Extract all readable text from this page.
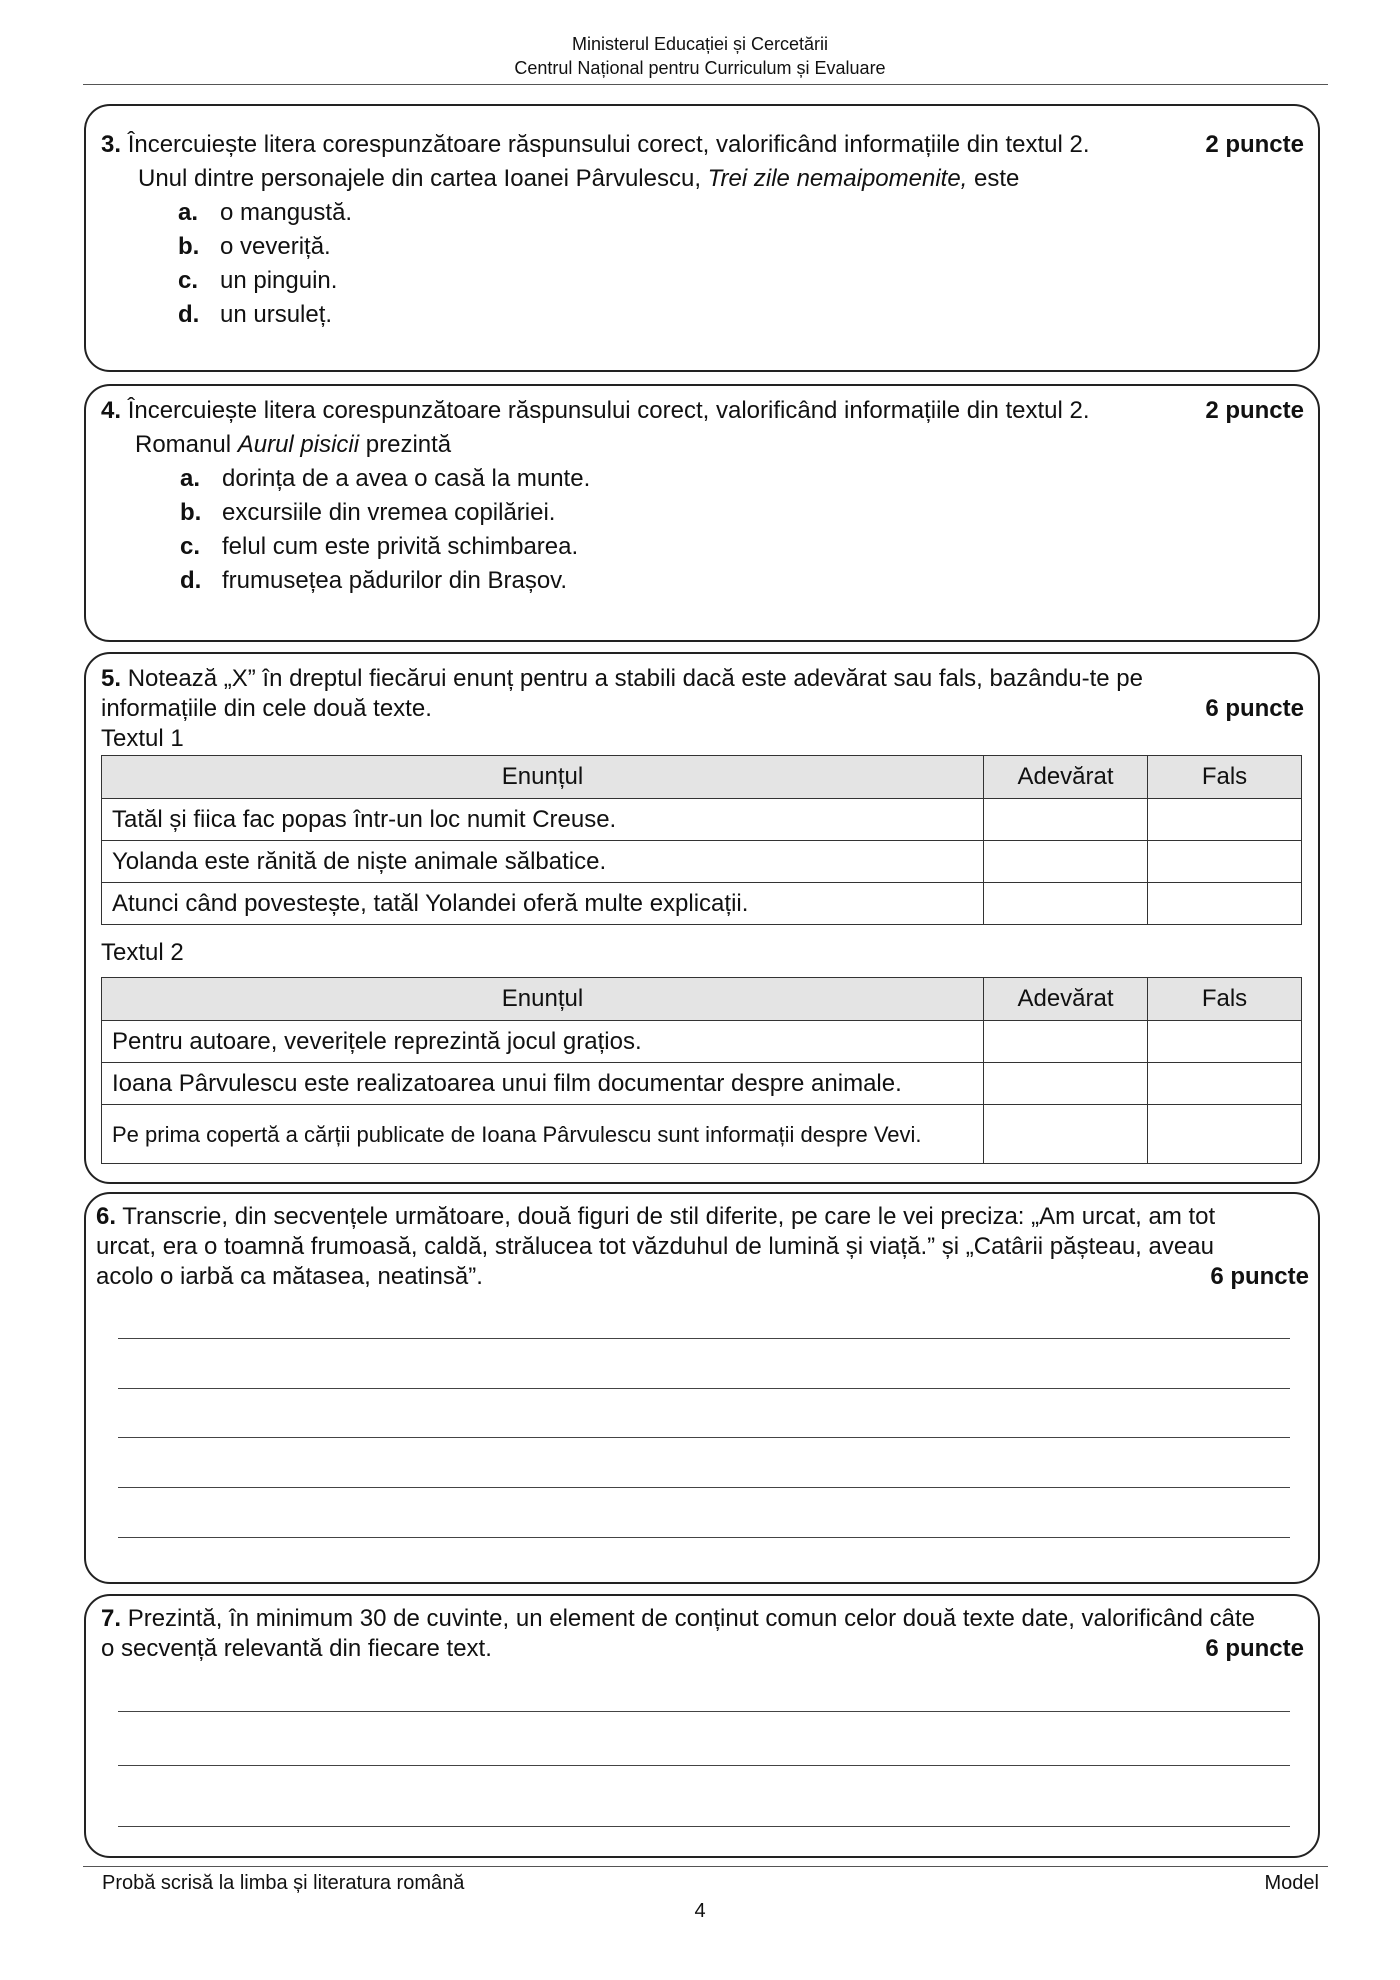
Ministerul Educației și Cercetării
Centrul Național pentru Curriculum și Evaluare
3. Încercuiește litera corespunzătoare răspunsului corect, valorificând informațiile din textul 2.	2 puncte
Unul dintre personajele din cartea Ioanei Pârvulescu, Trei zile nemaipomenite, este
a. o mangustă.
b. o veveriță.
c. un pinguin.
d. un ursuleț.
4. Încercuiește litera corespunzătoare răspunsului corect, valorificând informațiile din textul 2.	2 puncte
Romanul Aurul pisicii prezintă
a. dorința de a avea o casă la munte.
b. excursiile din vremea copilăriei.
c. felul cum este privită schimbarea.
d. frumusețea pădurilor din Brașov.
5. Notează „X” în dreptul fiecărui enunț pentru a stabili dacă este adevărat sau fals, bazându-te pe
informațiile din cele două texte.	6 puncte
Textul 1
Enunțul	Adevărat	Fals
Tatăl și fiica fac popas într-un loc numit Creuse.		
Yolanda este rănită de niște animale sălbatice.		
Atunci când povestește, tatăl Yolandei oferă multe explicații.		
Textul 2
Enunțul	Adevărat	Fals
Pentru autoare, veverițele reprezintă jocul grațios.		
Ioana Pârvulescu este realizatoarea unui film documentar despre animale.		
Pe prima copertă a cărții publicate de Ioana Pârvulescu sunt informații despre Vevi.		
6. Transcrie, din secvențele următoare, două figuri de stil diferite, pe care le vei preciza: „Am urcat, am tot
urcat, era o toamnă frumoasă, caldă, strălucea tot văzduhul de lumină și viață.” și „Catârii pășteau, aveau
acolo o iarbă ca mătasea, neatinsă”.	6 puncte
7. Prezintă, în minimum 30 de cuvinte, un element de conținut comun celor două texte date, valorificând câte
o secvență relevantă din fiecare text.	6 puncte
Probă scrisă la limba și literatura română	Model
4
